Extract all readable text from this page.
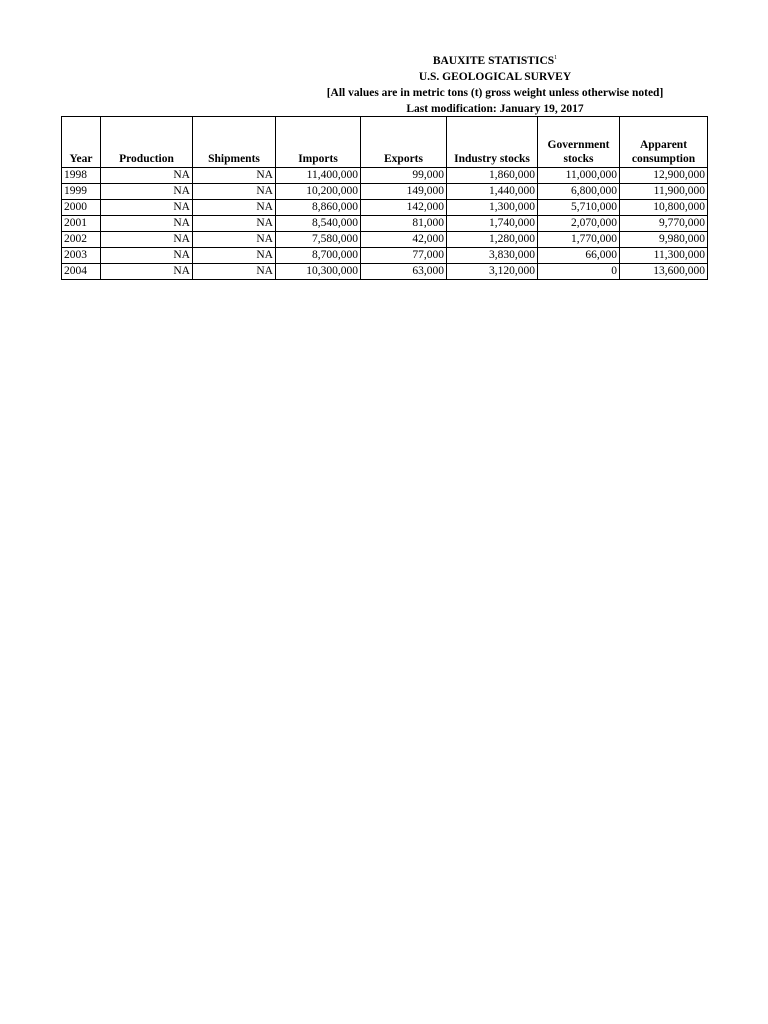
BAUXITE STATISTICS$^1$
U.S. GEOLOGICAL SURVEY
[All values are in metric tons (t) gross weight unless otherwise noted]
Last modification: January 19, 2017
Year	Production	Shipments	Imports	Exports	Industry stocks	Government stocks	Apparent consumption
1998	NA	NA	11,400,000	99,000	1,860,000	11,000,000	12,900,000
1999	NA	NA	10,200,000	149,000	1,440,000	6,800,000	11,900,000
2000	NA	NA	8,860,000	142,000	1,300,000	5,710,000	10,800,000
2001	NA	NA	8,540,000	81,000	1,740,000	2,070,000	9,770,000
2002	NA	NA	7,580,000	42,000	1,280,000	1,770,000	9,980,000
2003	NA	NA	8,700,000	77,000	3,830,000	66,000	11,300,000
2004	NA	NA	10,300,000	63,000	3,120,000	0	13,600,000
